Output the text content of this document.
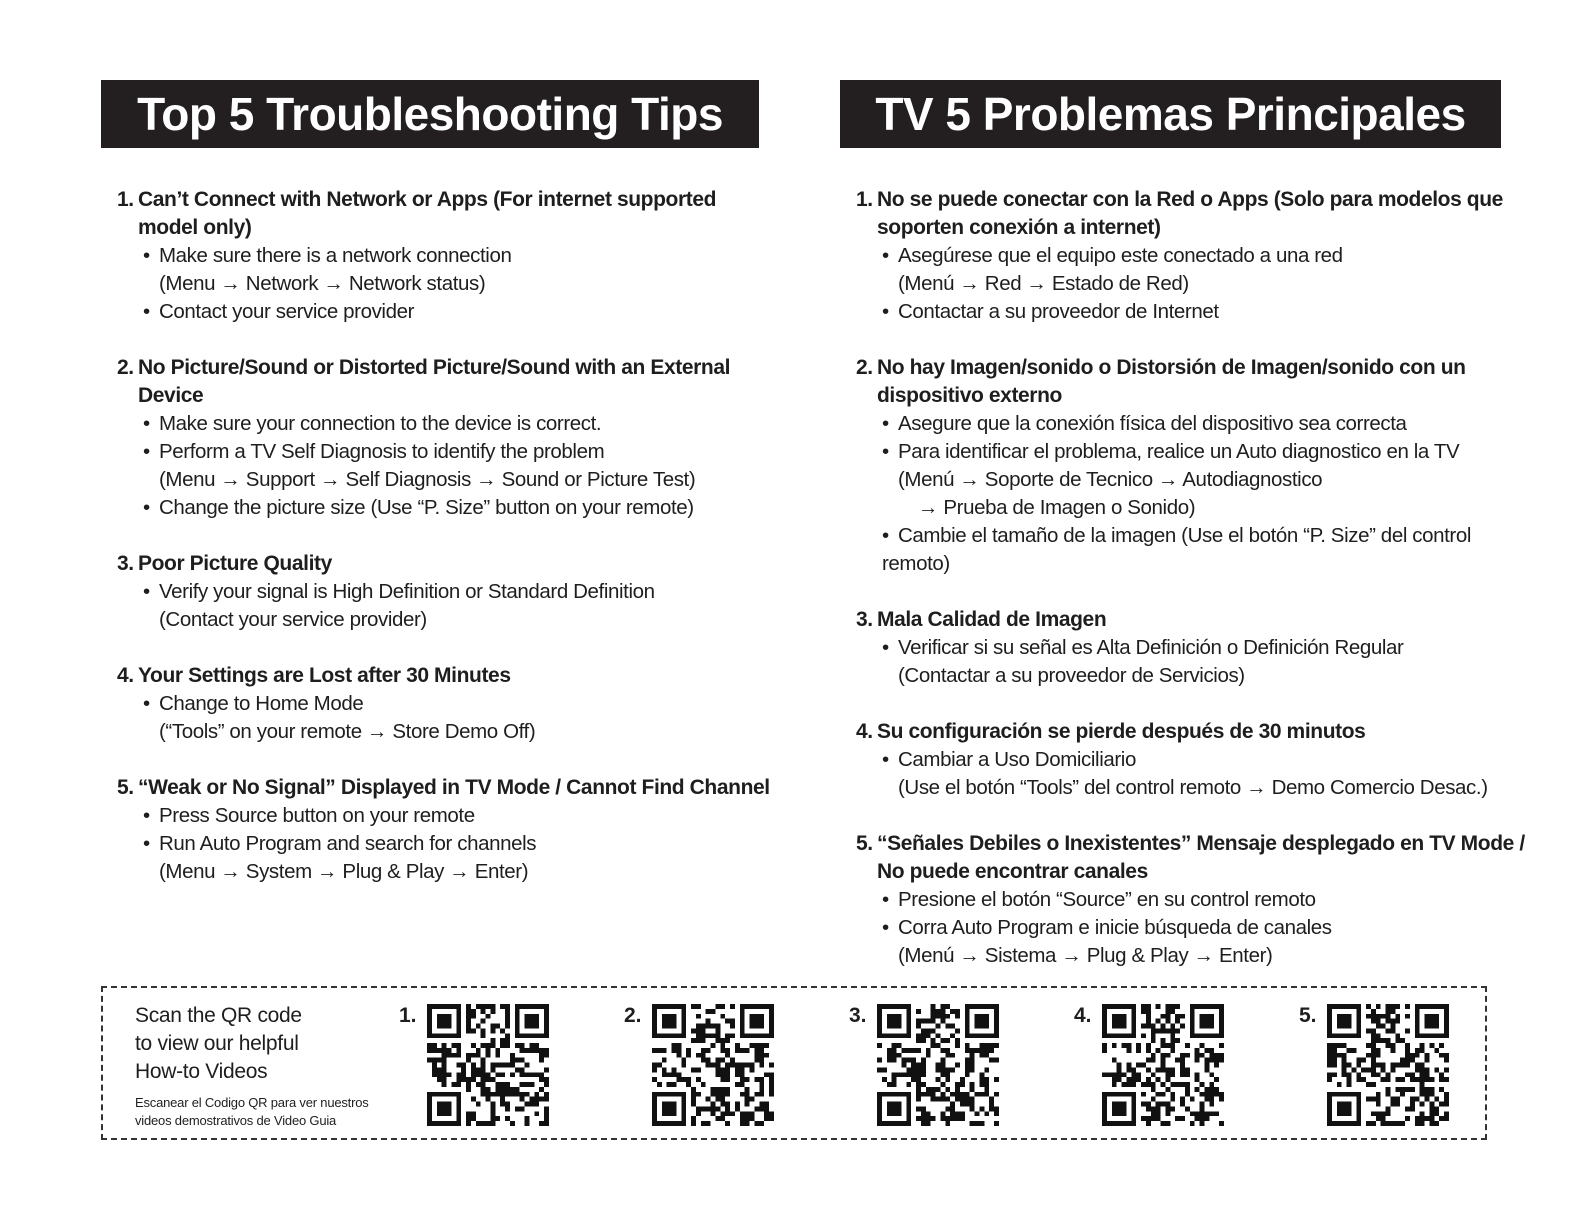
Top 5 Troubleshooting Tips
1. Can’t Connect with Network or Apps (For internet supported model only)
• Make sure there is a network connection
(Menu → Network → Network status)
• Contact your service provider
2. No Picture/Sound or Distorted Picture/Sound with an External Device
• Make sure your connection to the device is correct.
• Perform a TV Self Diagnosis to identify the problem
(Menu → Support → Self Diagnosis → Sound or Picture Test)
• Change the picture size (Use “P. Size” button on your remote)
3. Poor Picture Quality
• Verify your signal is High Definition or Standard Definition
(Contact your service provider)
4. Your Settings are Lost after 30 Minutes
• Change to Home Mode
(“Tools” on your remote → Store Demo Off)
5. “Weak or No Signal” Displayed in TV Mode / Cannot Find Channel
• Press Source button on your remote
• Run Auto Program and search for channels
(Menu → System → Plug & Play → Enter)
TV 5 Problemas Principales
1. No se puede conectar con la Red o Apps (Solo para modelos que soporten conexión a internet)
• Asegúrese que el equipo este conectado a una red
(Menú → Red → Estado de Red)
• Contactar a su proveedor de Internet
2. No hay Imagen/sonido o Distorsión de Imagen/sonido con un dispositivo externo
• Asegure que la conexión física del dispositivo sea correcta
• Para identificar el problema, realice un Auto diagnostico en la TV
(Menú → Soporte de Tecnico → Autodiagnostico
→ Prueba de Imagen o Sonido)
• Cambie el tamaño de la imagen (Use el botón “P. Size” del control remoto)
3. Mala Calidad de Imagen
• Verificar si su señal es Alta Definición o Definición Regular
(Contactar a su proveedor de Servicios)
4. Su configuración se pierde después de 30 minutos
• Cambiar a Uso Domiciliario
(Use el botón “Tools” del control remoto → Demo Comercio Desac.)
5. “Señales Debiles o Inexistentes” Mensaje desplegado en TV Mode / No puede encontrar canales
• Presione el botón “Source” en su control remoto
• Corra Auto Program e inicie búsqueda de canales
(Menú → Sistema → Plug & Play → Enter)
Scan the QR code
to view our helpful
How-to Videos
Escanear el Codigo QR para ver nuestros videos demostrativos de Video Guia
1.	2.	3.	4.	5.
